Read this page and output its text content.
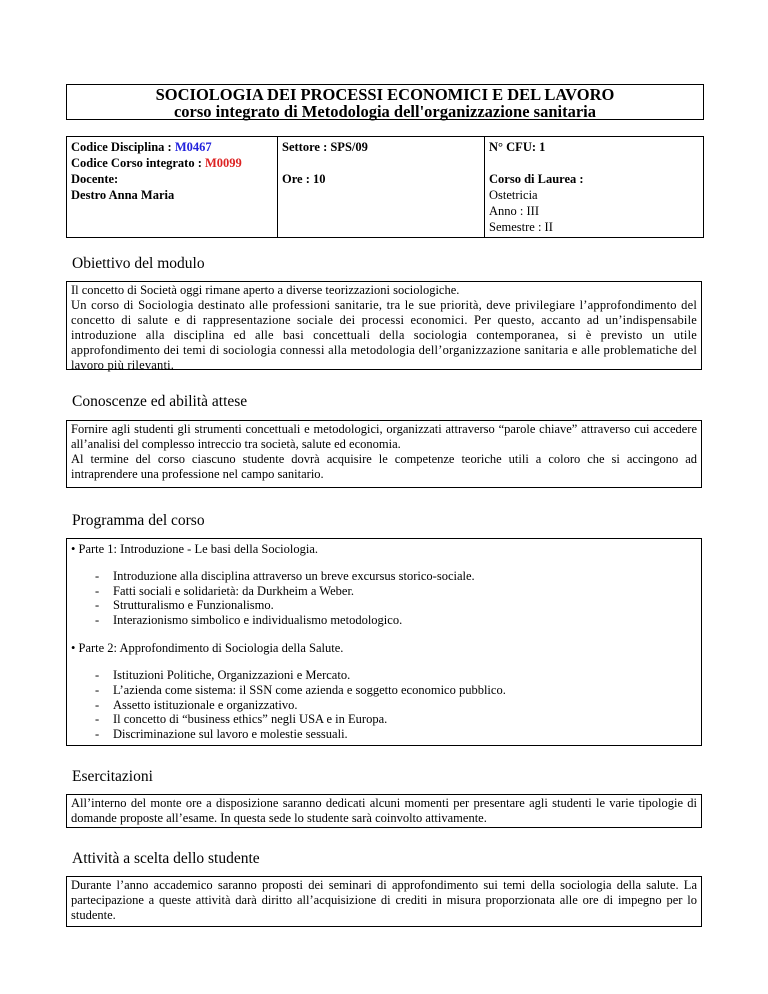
SOCIOLOGIA DEI PROCESSI ECONOMICI E DEL LAVORO
corso integrato di Metodologia dell'organizzazione sanitaria
Codice Disciplina : M0467
Codice Corso integrato : M0099
Docente:
Destro Anna Maria

Settore : SPS/09
Ore : 10

N° CFU: 1
Corso di Laurea :
Ostetricia
Anno : III
Semestre : II
Obiettivo del modulo

Il concetto di Società oggi rimane aperto a diverse teorizzazioni sociologiche.

Un corso di Sociologia destinato alle professioni sanitarie, tra le sue priorità, deve privilegiare l’approfondimento del concetto di salute e di rappresentazione sociale dei processi economici. Per questo, accanto ad un’indispensabile introduzione alla disciplina ed alle basi concettuali della sociologia contemporanea, si è previsto un utile approfondimento dei temi di sociologia connessi alla metodologia dell’organizzazione sanitaria e alle problematiche del lavoro più rilevanti.

Conoscenze ed abilità attese

Fornire agli studenti gli strumenti concettuali e metodologici, organizzati attraverso “parole chiave” attraverso cui accedere all’analisi del complesso intreccio tra società, salute ed economia.

Al termine del corso ciascuno studente dovrà acquisire le competenze teoriche utili a coloro che si accingono ad intraprendere una professione nel campo sanitario.

Programma del corso

• Parte 1: Introduzione - Le basi della Sociologia.

- Introduzione alla disciplina attraverso un breve excursus storico-sociale.
- Fatti sociali e solidarietà: da Durkheim a Weber.
- Strutturalismo e Funzionalismo.
- Interazionismo simbolico e individualismo metodologico.

• Parte 2: Approfondimento di Sociologia della Salute.

- Istituzioni Politiche, Organizzazioni e Mercato.
- L’azienda come sistema: il SSN come azienda e soggetto economico pubblico.
- Assetto istituzionale e organizzativo.
- Il concetto di “business ethics” negli USA e in Europa.
- Discriminazione sul lavoro e molestie sessuali.
Esercitazioni

All’interno del monte ore a disposizione saranno dedicati alcuni momenti per presentare agli studenti le varie tipologie di domande proposte all’esame. In questa sede lo studente sarà coinvolto attivamente.

Attività a scelta dello studente

Durante l’anno accademico saranno proposti dei seminari di approfondimento sui temi della sociologia della salute. La partecipazione a queste attività darà diritto all’acquisizione di crediti in misura proporzionata alle ore di impegno per lo studente.
